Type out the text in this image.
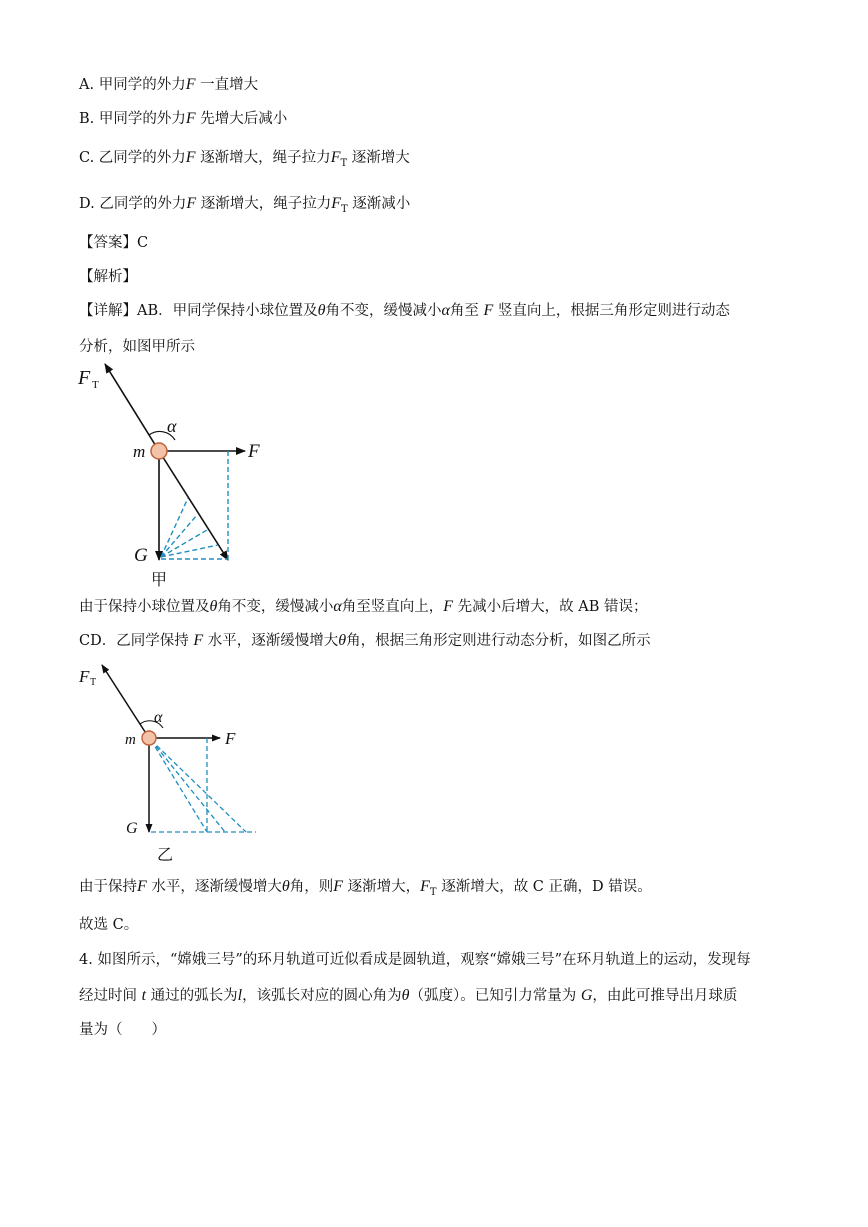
A. 甲同学的外力F 一直增大
B. 甲同学的外力F 先增大后减小
C. 乙同学的外力F 逐渐增大，绳子拉力$F_T$ 逐渐增大
D. 乙同学的外力F 逐渐增大，绳子拉力$F_T$ 逐渐减小
【答案】C
【解析】
【详解】AB．甲同学保持小球位置及θ角不变，缓慢减小α角至 F 竖直向上，根据三角形定则进行动态
分析，如图甲所示
F T
α
m	F
G
甲
由于保持小球位置及θ角不变，缓慢减小α角至竖直向上，F 先减小后增大，故 AB 错误；
CD．乙同学保持 F 水平，逐渐缓慢增大θ角，根据三角形定则进行动态分析，如图乙所示
F T
α
m	F
G
乙
由于保持F 水平，逐渐缓慢增大θ角，则F 逐渐增大，$F_T$ 逐渐增大，故 C 正确，D 错误。
故选 C。
4. 如图所示，“嫦娥三号”的环月轨道可近似看成是圆轨道，观察“嫦娥三号”在环月轨道上的运动，发现每
经过时间 t 通过的弧长为l，该弧长对应的圆心角为θ（弧度）。已知引力常量为 G，由此可推导出月球质
量为（　　）
